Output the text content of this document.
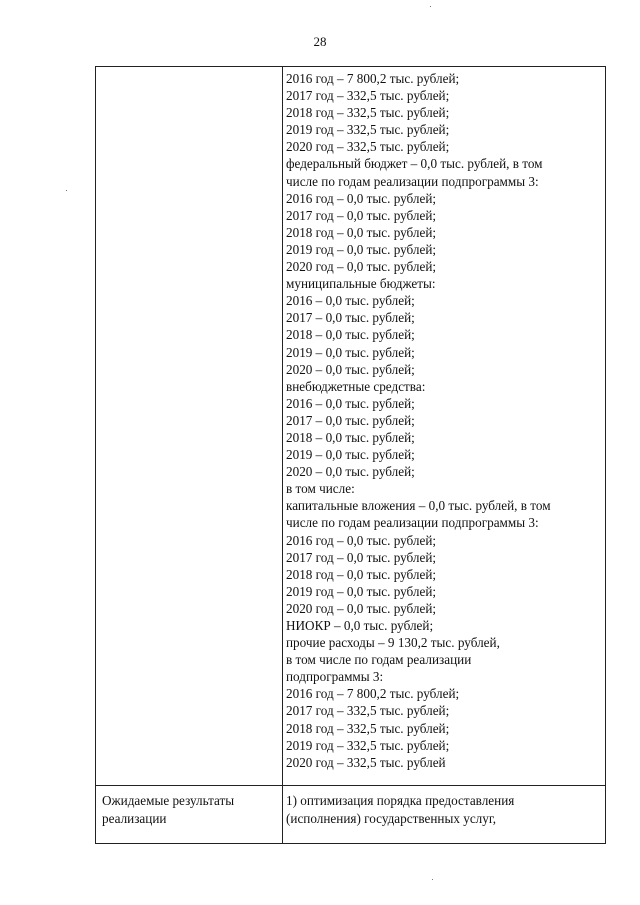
28
2016 год – 7 800,2 тыс. рублей;
2017 год – 332,5 тыс. рублей;
2018 год – 332,5 тыс. рублей;
2019 год – 332,5 тыс. рублей;
2020 год – 332,5 тыс. рублей;
федеральный бюджет – 0,0 тыс. рублей, в том
числе по годам реализации подпрограммы 3:
2016 год – 0,0 тыс. рублей;
2017 год – 0,0 тыс. рублей;
2018 год – 0,0 тыс. рублей;
2019 год – 0,0 тыс. рублей;
2020 год – 0,0 тыс. рублей;
муниципальные бюджеты:
2016 – 0,0 тыс. рублей;
2017 – 0,0 тыс. рублей;
2018 – 0,0 тыс. рублей;
2019 – 0,0 тыс. рублей;
2020 – 0,0 тыс. рублей;
внебюджетные средства:
2016 – 0,0 тыс. рублей;
2017 – 0,0 тыс. рублей;
2018 – 0,0 тыс. рублей;
2019 – 0,0 тыс. рублей;
2020 – 0,0 тыс. рублей;
в том числе:
капитальные вложения – 0,0 тыс. рублей, в том
числе по годам реализации подпрограммы 3:
2016 год – 0,0 тыс. рублей;
2017 год – 0,0 тыс. рублей;
2018 год – 0,0 тыс. рублей;
2019 год – 0,0 тыс. рублей;
2020 год – 0,0 тыс. рублей;
НИОКР – 0,0 тыс. рублей;
прочие расходы – 9 130,2 тыс. рублей,
в том числе по годам реализации
подпрограммы 3:
2016 год – 7 800,2 тыс. рублей;
2017 год – 332,5 тыс. рублей;
2018 год – 332,5 тыс. рублей;
2019 год – 332,5 тыс. рублей;
2020 год – 332,5 тыс. рублей
Ожидаемые результаты
реализации
1) оптимизация порядка предоставления
(исполнения) государственных услуг,
